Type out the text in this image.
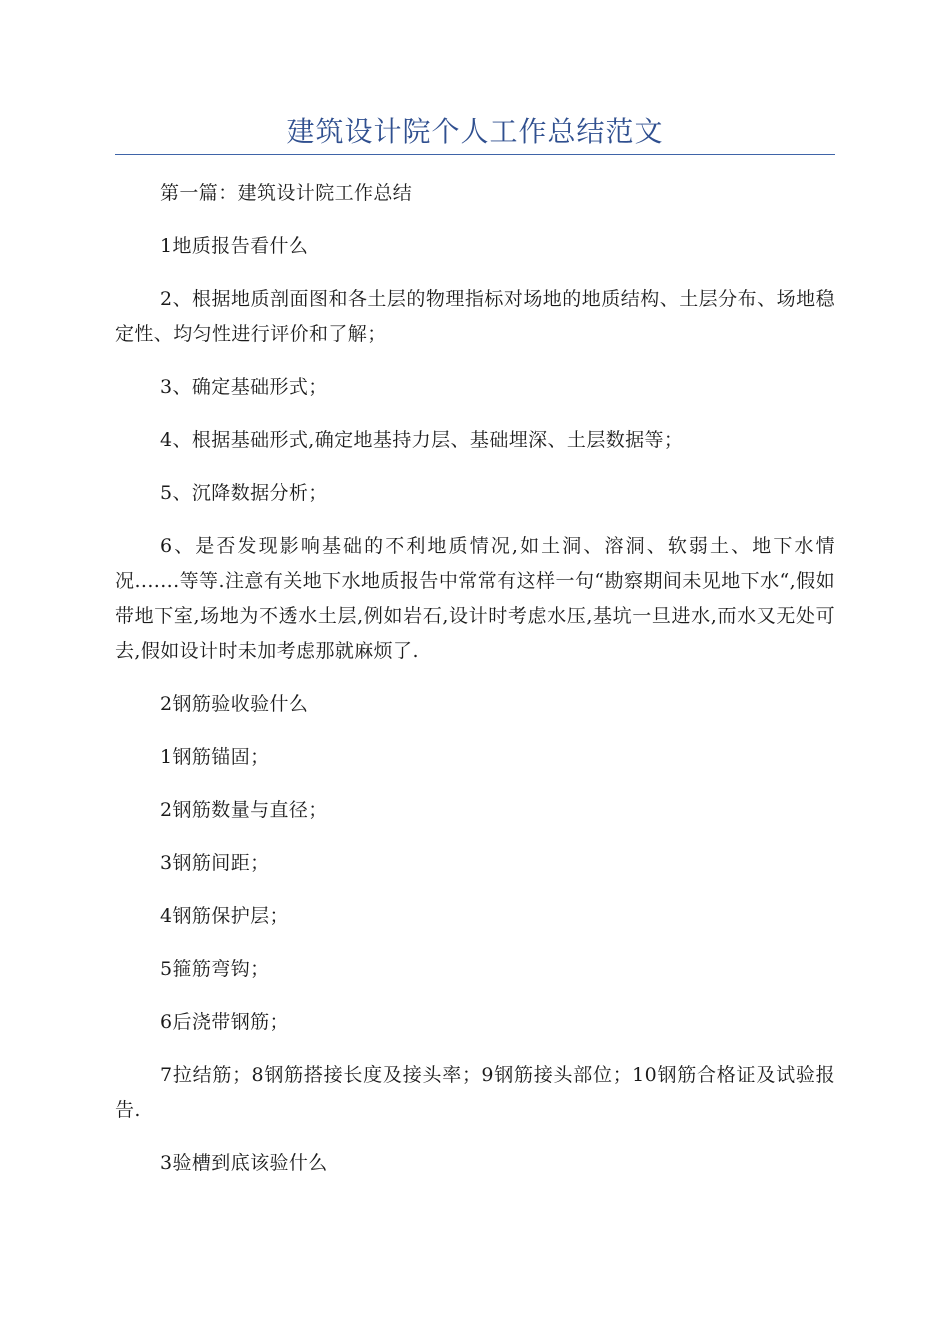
建筑设计院个人工作总结范文

第一篇：建筑设计院工作总结

1地质报告看什么

2、根据地质剖面图和各土层的物理指标对场地的地质结构、土层分布、场地稳定性、均匀性进行评价和了解；

3、确定基础形式；

4、根据基础形式,确定地基持力层、基础埋深、土层数据等；

5、沉降数据分析；

6、是否发现影响基础的不利地质情况,如土洞、溶洞、软弱土、地下水情况.......等等.注意有关地下水地质报告中常常有这样一句“勘察期间未见地下水“,假如带地下室,场地为不透水土层,例如岩石,设计时考虑水压,基坑一旦进水,而水又无处可去,假如设计时未加考虑那就麻烦了.

2钢筋验收验什么

1钢筋锚固；

2钢筋数量与直径；

3钢筋间距；

4钢筋保护层；

5箍筋弯钩；

6后浇带钢筋；

7拉结筋；8钢筋搭接长度及接头率；9钢筋接头部位；10钢筋合格证及试验报告.

3验槽到底该验什么
